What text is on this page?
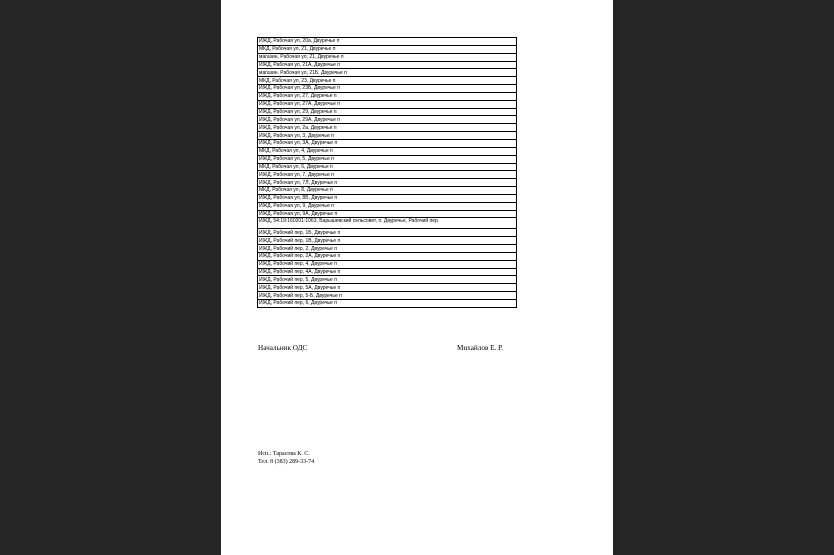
ИЖД, Рабочая ул, 20а, Двуречье п
МКД, Рабочая ул, 21, Двуречье п
магазин, Рабочая ул, 21, Двуречье п
ИЖД, Рабочая ул, 21А, Двуречье п
магазин, Рабочая ул, 21Б, Двуречье п
МКД, Рабочая ул, 23, Двуречье п
ИЖД, Рабочая ул, 23Б, Двуречье п
ИЖД, Рабочая ул, 27, Двуречье п
ИЖД, Рабочая ул, 27А, Двуречье п
ИЖД, Рабочая ул, 29, Двуречье п
ИЖД, Рабочая ул, 29А, Двуречье п
ИЖД, Рабочая ул, 2а, Двуречье п
ИЖД, Рабочая ул, 3, Двуречье п
ИЖД, Рабочая ул, 3А, Двуречье п
МКД, Рабочая ул, 4, Двуречье п
ИЖД, Рабочая ул, 5, Двуречье п
МКД, Рабочая ул, 6, Двуречье п
ИЖД, Рабочая ул, 7, Двуречье п
ИЖД, Рабочая ул, 7Л, Двуречье п
МКД, Рабочая ул, 8, Двуречье п
ИЖД, Рабочая ул, 8Б, Двуречье п
ИЖД, Рабочая ул, 9, Двуречье п
ИЖД, Рабочая ул, 9А, Двуречье п
ИЖД, 54:19:160201:1063, Барышевский сельсовет, п. Двуречье, Рабочий пер.
ИЖД, Рабочий пер, 1Б, Двуречье п
ИЖД, Рабочий пер, 1В, Двуречье п
ИЖД, Рабочий пер, 2, Двуречье п
ИЖД, Рабочий пер, 2А, Двуречье п
ИЖД, Рабочий пер, 4, Двуречье п
ИЖД, Рабочий пер, 4А, Двуречье п
ИЖД, Рабочий пер, 5, Двуречье п
ИЖД, Рабочий пер, 5А, Двуречье п
ИЖД, Рабочий пер, 5-Б, Двуречье п
ИЖД, Рабочий пер, 6, Двуречье п
Начальник ОДС	Михайлов Е. Р.
Исп.: Тарасова К. С.
Тел. 8 (383) 289-33-74
